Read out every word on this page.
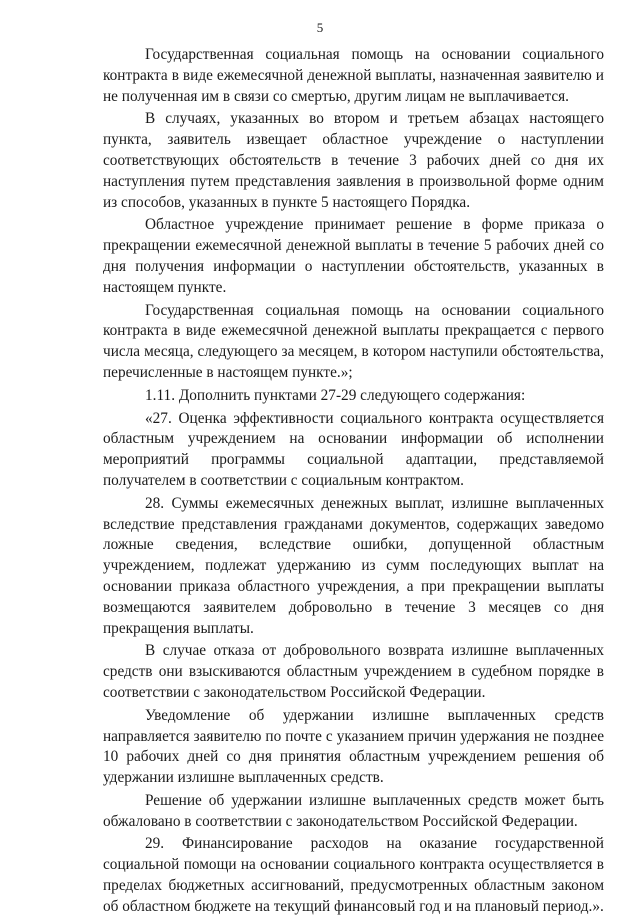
5

Государственная социальная помощь на основании социального контракта в виде ежемесячной денежной выплаты, назначенная заявителю и не полученная им в связи со смертью, другим лицам не выплачивается.

В случаях, указанных во втором и третьем абзацах настоящего пункта, заявитель извещает областное учреждение о наступлении соответствующих обстоятельств в течение 3 рабочих дней со дня их наступления путем представления заявления в произвольной форме одним из способов, указанных в пункте 5 настоящего Порядка.

Областное учреждение принимает решение в форме приказа о прекращении ежемесячной денежной выплаты в течение 5 рабочих дней со дня получения информации о наступлении обстоятельств, указанных в настоящем пункте.

Государственная социальная помощь на основании социального контракта в виде ежемесячной денежной выплаты прекращается с первого числа месяца, следующего за месяцем, в котором наступили обстоятельства, перечисленные в настоящем пункте.»;

1.11. Дополнить пунктами 27-29 следующего содержания:

«27. Оценка эффективности социального контракта осуществляется областным учреждением на основании информации об исполнении мероприятий программы социальной адаптации, представляемой получателем в соответствии с социальным контрактом.

28. Суммы ежемесячных денежных выплат, излишне выплаченных вследствие представления гражданами документов, содержащих заведомо ложные сведения, вследствие ошибки, допущенной областным учреждением, подлежат удержанию из сумм последующих выплат на основании приказа областного учреждения, а при прекращении выплаты возмещаются заявителем добровольно в течение 3 месяцев со дня прекращения выплаты.

В случае отказа от добровольного возврата излишне выплаченных средств они взыскиваются областным учреждением в судебном порядке в соответствии с законодательством Российской Федерации.

Уведомление об удержании излишне выплаченных средств направляется заявителю по почте с указанием причин удержания не позднее 10 рабочих дней со дня принятия областным учреждением решения об удержании излишне выплаченных средств.

Решение об удержании излишне выплаченных средств может быть обжаловано в соответствии с законодательством Российской Федерации.

29. Финансирование расходов на оказание государственной социальной помощи на основании социального контракта осуществляется в пределах бюджетных ассигнований, предусмотренных областным законом об областном бюджете на текущий финансовый год и на плановый период.».
